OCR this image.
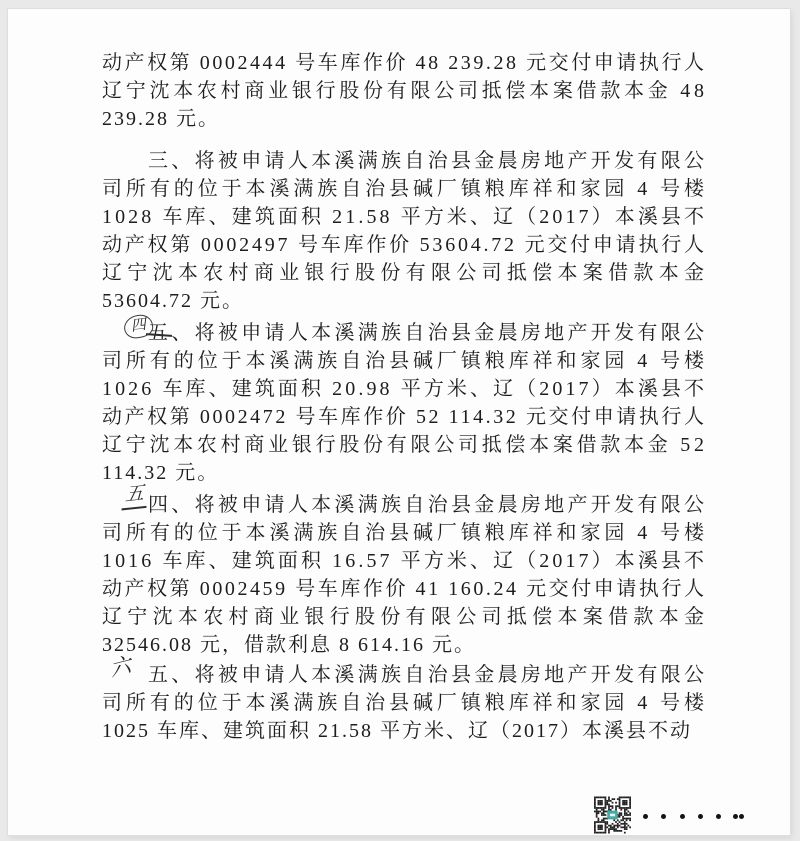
动产权第 0002444 号车库作价 48 239.28 元交付申请执行人
辽宁沈本农村商业银行股份有限公司抵偿本案借款本金 48
239.28 元。
三、将被申请人本溪满族自治县金晨房地产开发有限公
司所有的位于本溪满族自治县碱厂镇粮库祥和家园 4 号楼
1028 车库、建筑面积 21.58 平方米、辽（2017）本溪县不
动产权第 0002497 号车库作价 53604.72 元交付申请执行人
辽宁沈本农村商业银行股份有限公司抵偿本案借款本金
53604.72 元。
五、将被申请人本溪满族自治县金晨房地产开发有限公
司所有的位于本溪满族自治县碱厂镇粮库祥和家园 4 号楼
1026 车库、建筑面积 20.98 平方米、辽（2017）本溪县不
动产权第 0002472 号车库作价 52 114.32 元交付申请执行人
辽宁沈本农村商业银行股份有限公司抵偿本案借款本金 52
114.32 元。
四、将被申请人本溪满族自治县金晨房地产开发有限公
司所有的位于本溪满族自治县碱厂镇粮库祥和家园 4 号楼
1016 车库、建筑面积 16.57 平方米、辽（2017）本溪县不
动产权第 0002459 号车库作价 41 160.24 元交付申请执行人
辽宁沈本农村商业银行股份有限公司抵偿本案借款本金
32546.08 元，借款利息 8 614.16 元。
五、将被申请人本溪满族自治县金晨房地产开发有限公
司所有的位于本溪满族自治县碱厂镇粮库祥和家园 4 号楼
1025 车库、建筑面积 21.58 平方米、辽（2017）本溪县不动
四
五
六
